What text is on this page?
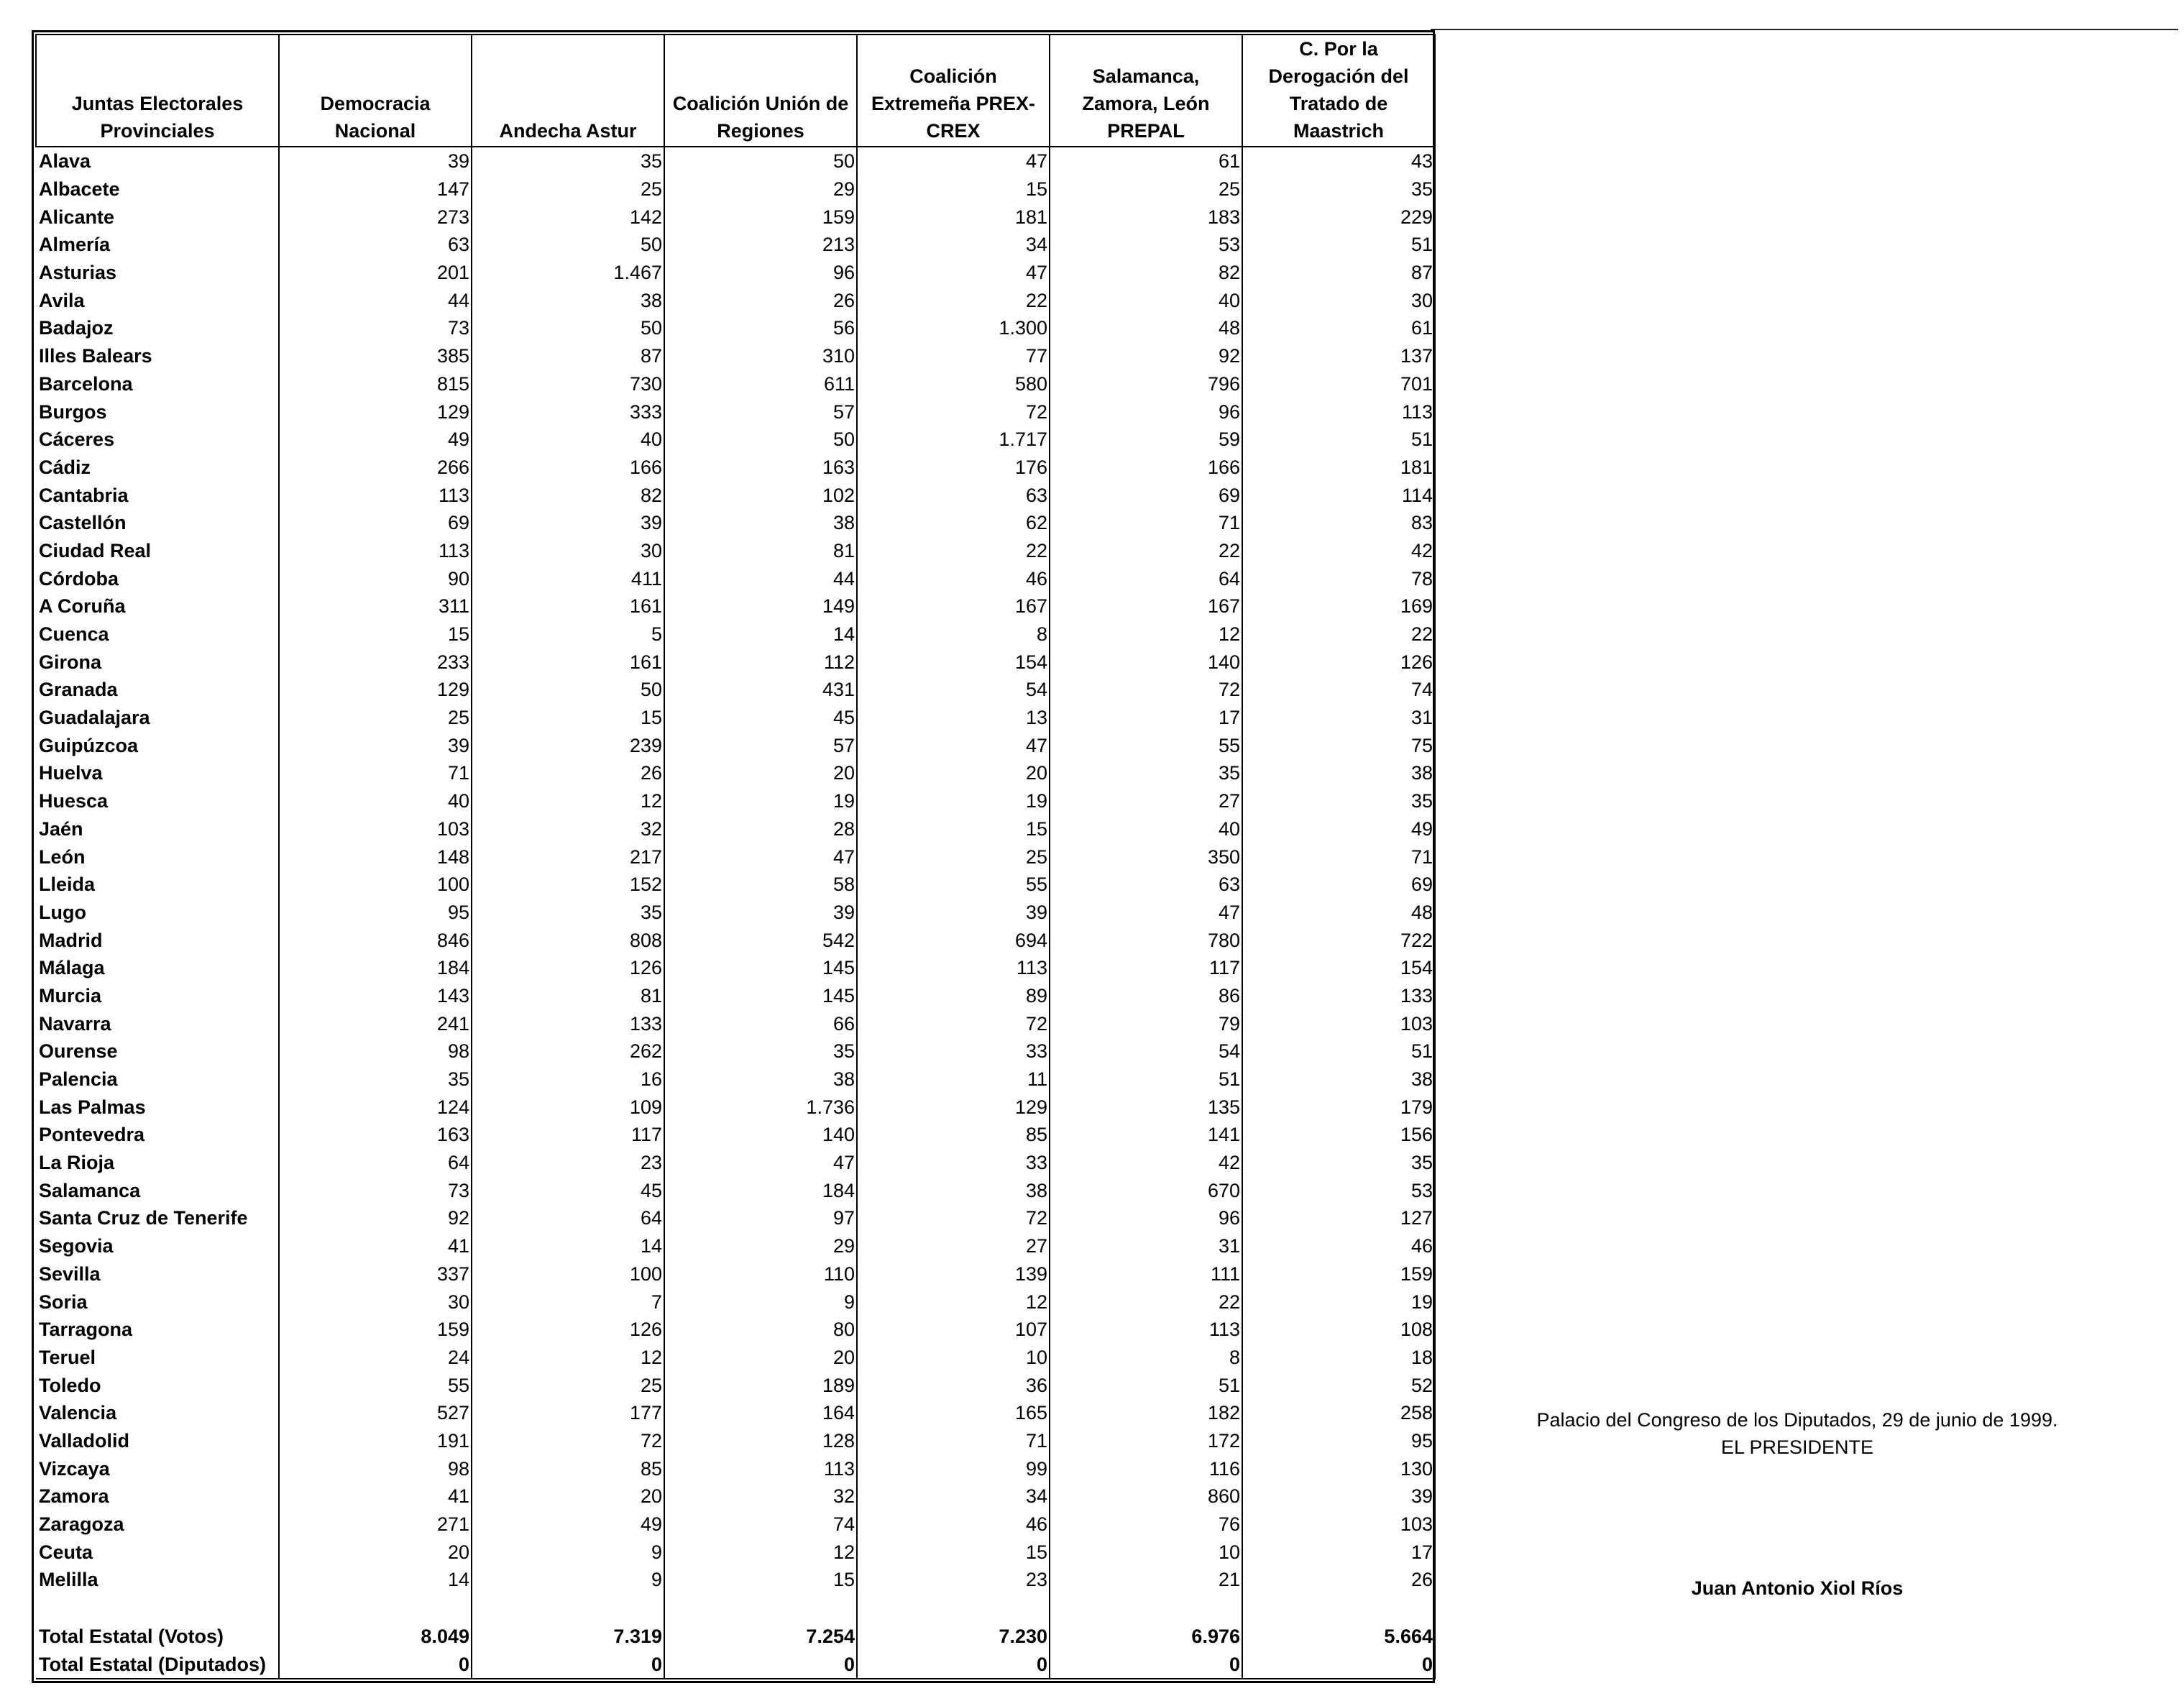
Juntas Electorales Provinciales	Democracia Nacional	Andecha Astur	Coalición Unión de Regiones	Coalición Extremeña PREX-CREX	Salamanca, Zamora, León PREPAL	C. Por la Derogación del Tratado de Maastrich
Alava	39	35	50	47	61	43
Albacete	147	25	29	15	25	35
Alicante	273	142	159	181	183	229
Almería	63	50	213	34	53	51
Asturias	201	1.467	96	47	82	87
Avila	44	38	26	22	40	30
Badajoz	73	50	56	1.300	48	61
Illes Balears	385	87	310	77	92	137
Barcelona	815	730	611	580	796	701
Burgos	129	333	57	72	96	113
Cáceres	49	40	50	1.717	59	51
Cádiz	266	166	163	176	166	181
Cantabria	113	82	102	63	69	114
Castellón	69	39	38	62	71	83
Ciudad Real	113	30	81	22	22	42
Córdoba	90	411	44	46	64	78
A Coruña	311	161	149	167	167	169
Cuenca	15	5	14	8	12	22
Girona	233	161	112	154	140	126
Granada	129	50	431	54	72	74
Guadalajara	25	15	45	13	17	31
Guipúzcoa	39	239	57	47	55	75
Huelva	71	26	20	20	35	38
Huesca	40	12	19	19	27	35
Jaén	103	32	28	15	40	49
León	148	217	47	25	350	71
Lleida	100	152	58	55	63	69
Lugo	95	35	39	39	47	48
Madrid	846	808	542	694	780	722
Málaga	184	126	145	113	117	154
Murcia	143	81	145	89	86	133
Navarra	241	133	66	72	79	103
Ourense	98	262	35	33	54	51
Palencia	35	16	38	11	51	38
Las Palmas	124	109	1.736	129	135	179
Pontevedra	163	117	140	85	141	156
La Rioja	64	23	47	33	42	35
Salamanca	73	45	184	38	670	53
Santa Cruz de Tenerife	92	64	97	72	96	127
Segovia	41	14	29	27	31	46
Sevilla	337	100	110	139	111	159
Soria	30	7	9	12	22	19
Tarragona	159	126	80	107	113	108
Teruel	24	12	20	10	8	18
Toledo	55	25	189	36	51	52
Valencia	527	177	164	165	182	258
Valladolid	191	72	128	71	172	95
Vizcaya	98	85	113	99	116	130
Zamora	41	20	32	34	860	39
Zaragoza	271	49	74	46	76	103
Ceuta	20	9	12	15	10	17
Melilla	14	9	15	23	21	26

Total Estatal (Votos)	8.049	7.319	7.254	7.230	6.976	5.664
Total Estatal (Diputados)	0	0	0	0	0	0
Palacio del Congreso de los Diputados, 29 de junio de 1999.
EL PRESIDENTE
Juan Antonio Xiol Ríos
